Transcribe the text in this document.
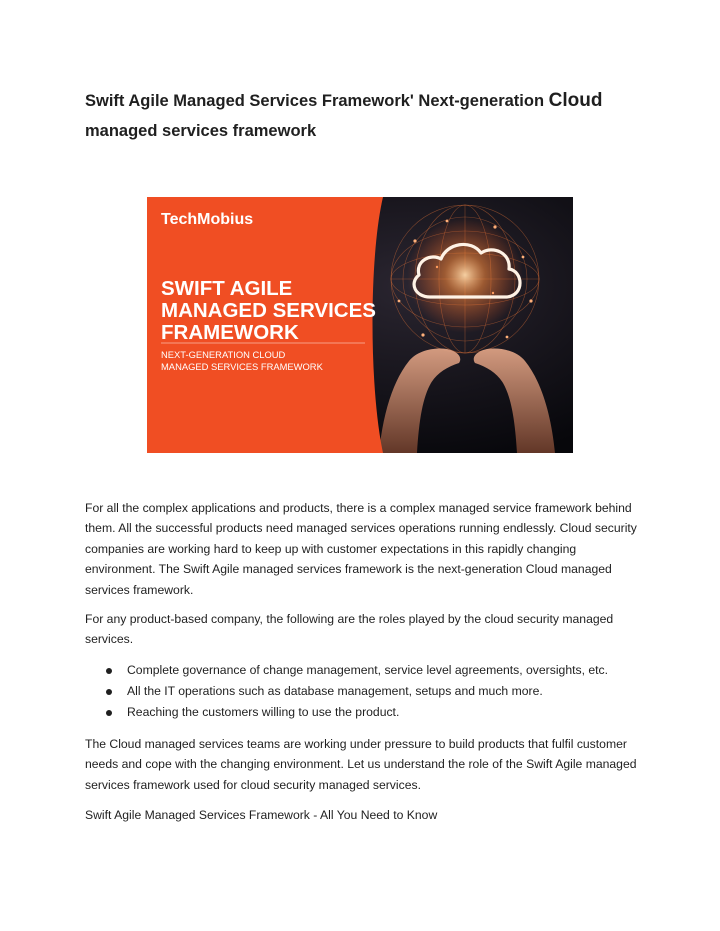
Swift Agile Managed Services Framework' Next-generation Cloud
managed services framework
TechMobius
SWIFT AGILE
MANAGED SERVICES
FRAMEWORK
NEXT-GENERATION CLOUD
MANAGED SERVICES FRAMEWORK

For all the complex applications and products, there is a complex managed service framework behind them. All the successful products need managed services operations running endlessly. Cloud security companies are working hard to keep up with customer expectations in this rapidly changing environment. The Swift Agile managed services framework is the next-generation Cloud managed services framework.

For any product-based company, the following are the roles played by the cloud security managed services.

Complete governance of change management, service level agreements, oversights, etc.
All the IT operations such as database management, setups and much more.
Reaching the customers willing to use the product.

The Cloud managed services teams are working under pressure to build products that fulfil customer needs and cope with the changing environment. Let us understand the role of the Swift Agile managed services framework used for cloud security managed services.

Swift Agile Managed Services Framework - All You Need to Know
